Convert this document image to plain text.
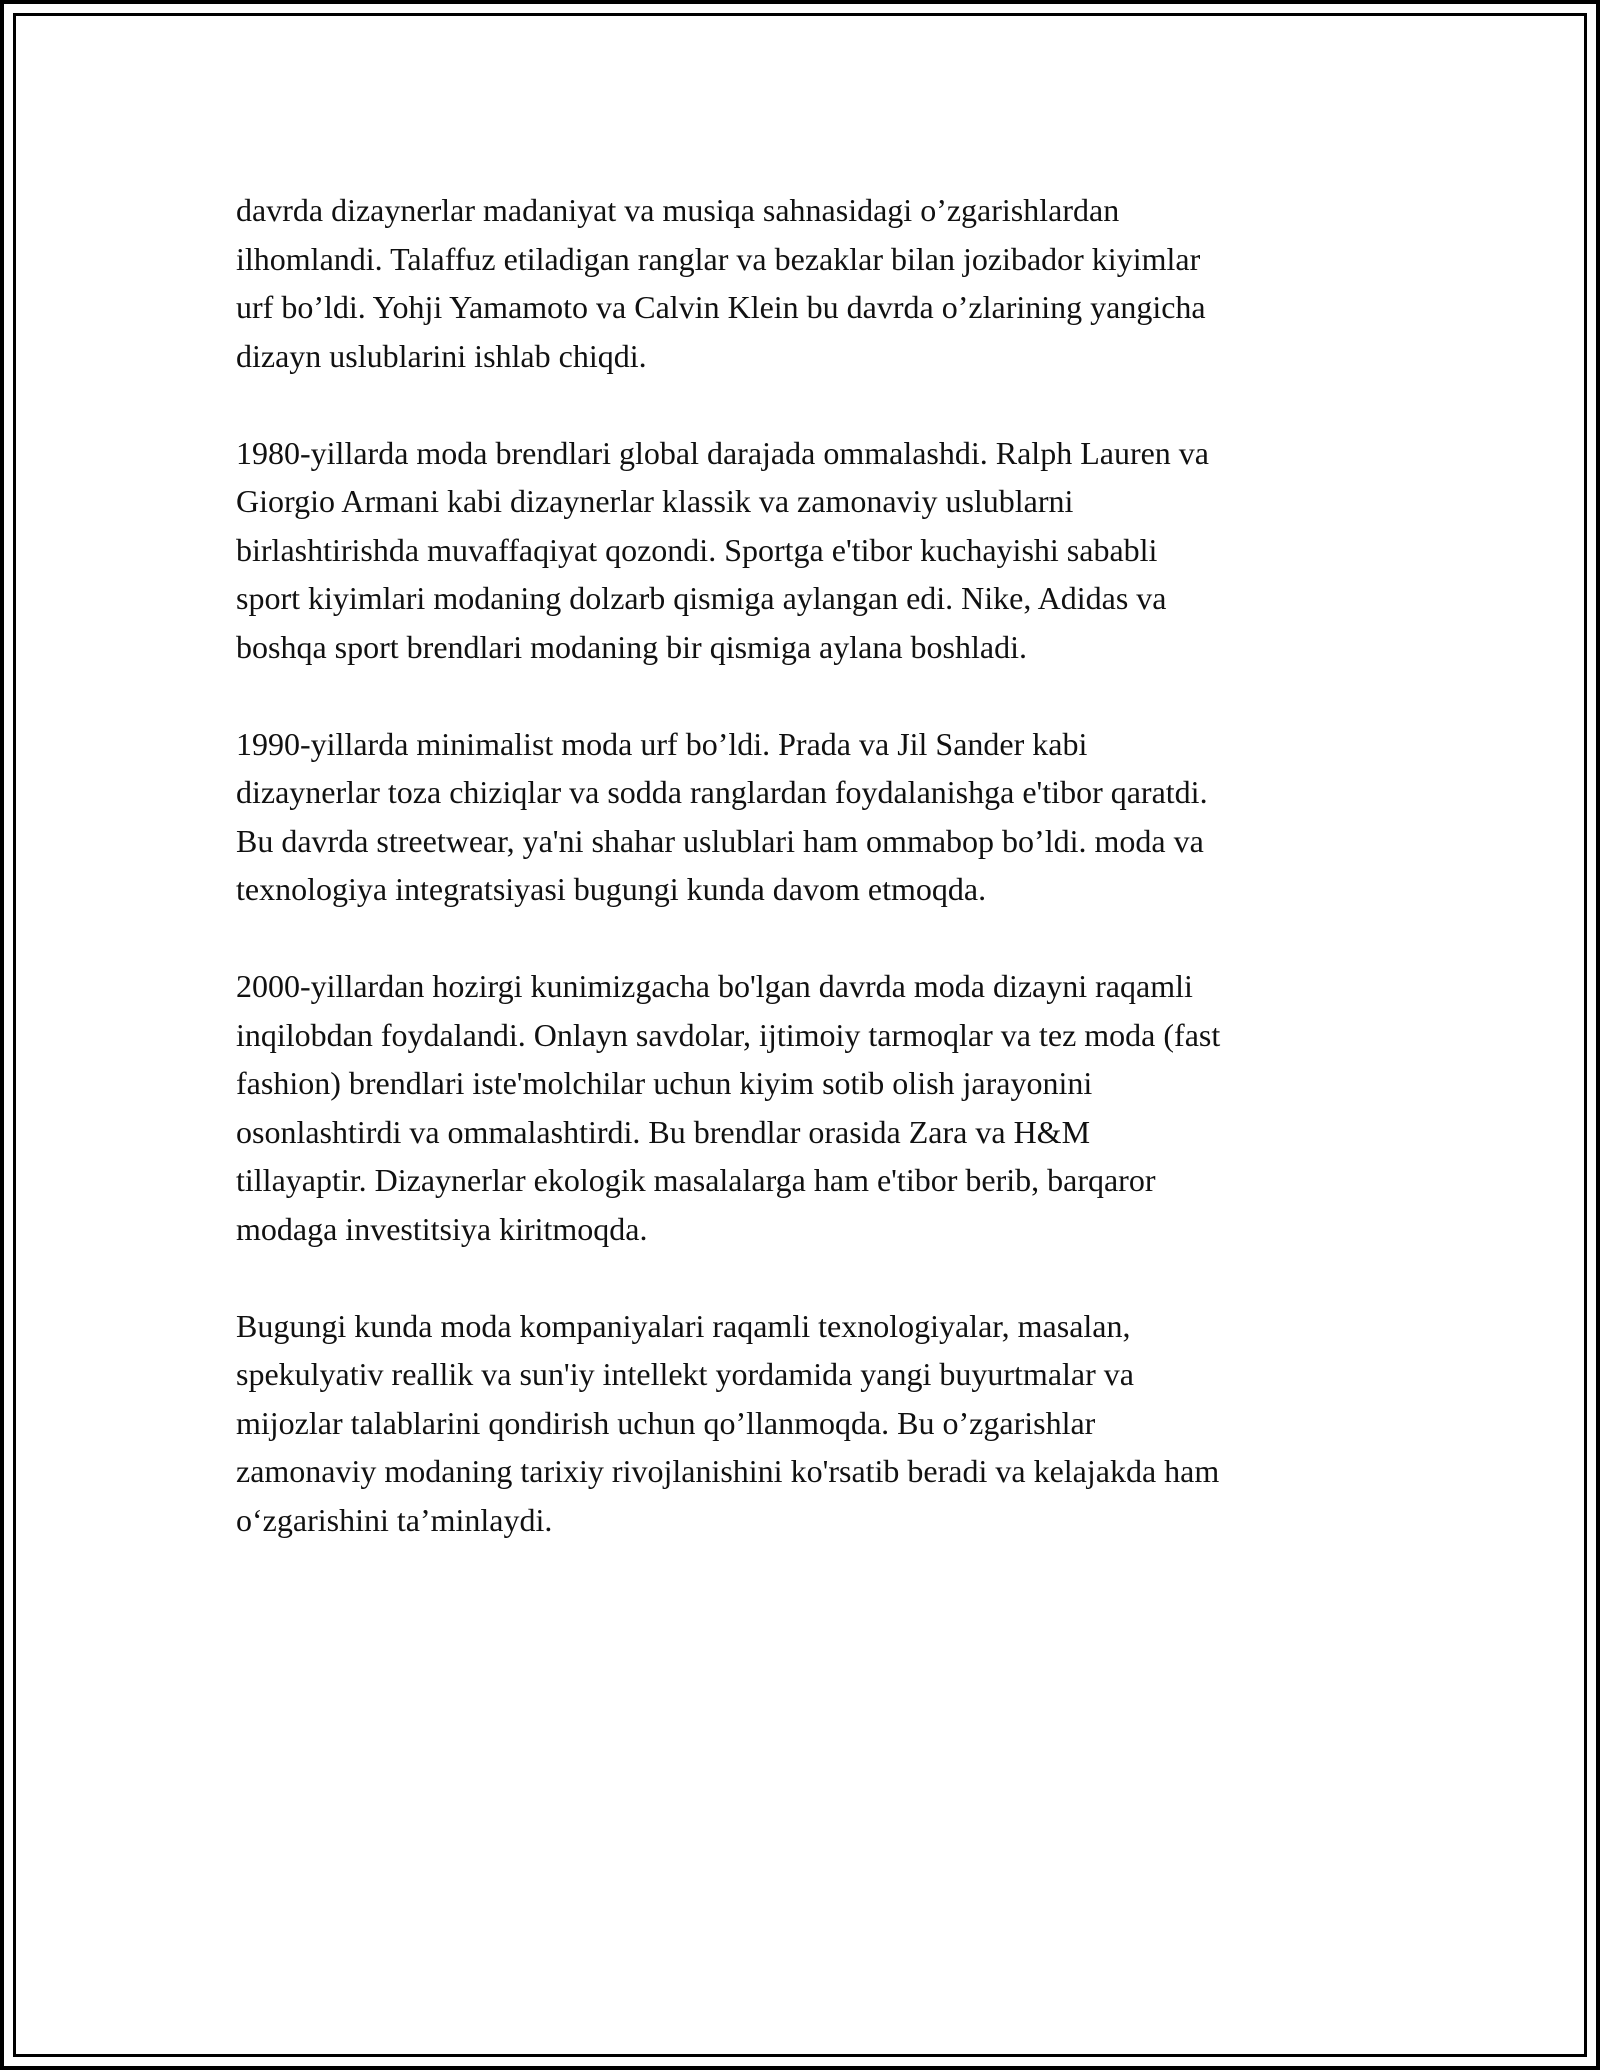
davrda dizaynerlar madaniyat va musiqa sahnasidagi o’zgarishlardan
ilhomlandi. Talaffuz etiladigan ranglar va bezaklar bilan jozibador kiyimlar
urf bo’ldi. Yohji Yamamoto va Calvin Klein bu davrda o’zlarining yangicha
dizayn uslublarini ishlab chiqdi.

1980-yillarda moda brendlari global darajada ommalashdi. Ralph Lauren va
Giorgio Armani kabi dizaynerlar klassik va zamonaviy uslublarni
birlashtirishda muvaffaqiyat qozondi. Sportga e'tibor kuchayishi sababli
sport kiyimlari modaning dolzarb qismiga aylangan edi. Nike, Adidas va
boshqa sport brendlari modaning bir qismiga aylana boshladi.

1990-yillarda minimalist moda urf bo’ldi. Prada va Jil Sander kabi
dizaynerlar toza chiziqlar va sodda ranglardan foydalanishga e'tibor qaratdi.
Bu davrda streetwear, ya'ni shahar uslublari ham ommabop bo’ldi. moda va
texnologiya integratsiyasi bugungi kunda davom etmoqda.

2000-yillardan hozirgi kunimizgacha bo'lgan davrda moda dizayni raqamli
inqilobdan foydalandi. Onlayn savdolar, ijtimoiy tarmoqlar va tez moda (fast
fashion) brendlari iste'molchilar uchun kiyim sotib olish jarayonini
osonlashtirdi va ommalashtirdi. Bu brendlar orasida Zara va H&M
tillayaptir. Dizaynerlar ekologik masalalarga ham e'tibor berib, barqaror
modaga investitsiya kiritmoqda.

Bugungi kunda moda kompaniyalari raqamli texnologiyalar, masalan,
spekulyativ reallik va sun'iy intellekt yordamida yangi buyurtmalar va
mijozlar talablarini qondirish uchun qo’llanmoqda. Bu o’zgarishlar
zamonaviy modaning tarixiy rivojlanishini ko'rsatib beradi va kelajakda ham
o‘zgarishini ta’minlaydi.
